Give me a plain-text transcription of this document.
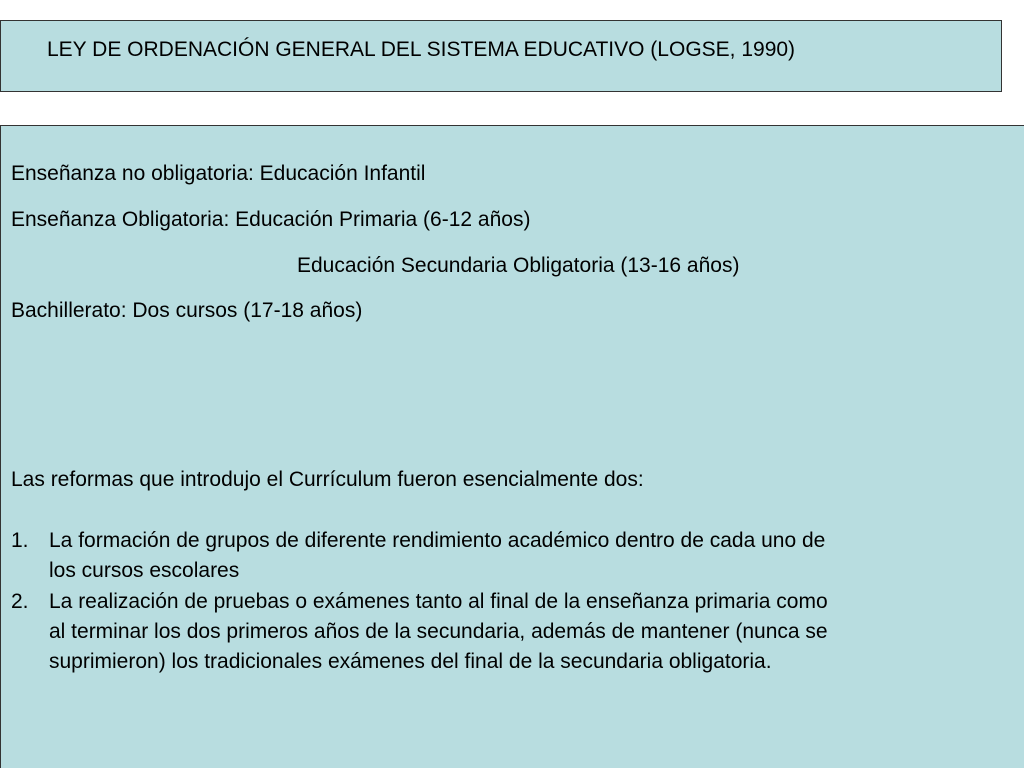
LEY DE ORDENACIÓN GENERAL DEL SISTEMA EDUCATIVO (LOGSE, 1990)
Enseñanza no obligatoria: Educación Infantil
Enseñanza Obligatoria: Educación Primaria (6-12 años)
Educación Secundaria Obligatoria (13-16 años)
Bachillerato: Dos cursos (17-18 años)
Las reformas que introdujo el Currículum fueron esencialmente dos:
1. La formación de grupos de diferente rendimiento académico dentro de cada uno de
los cursos escolares
2. La realización de pruebas o exámenes tanto al final de la enseñanza primaria como
al terminar los dos primeros años de la secundaria, además de mantener (nunca se
suprimieron) los tradicionales exámenes del final de la secundaria obligatoria.
